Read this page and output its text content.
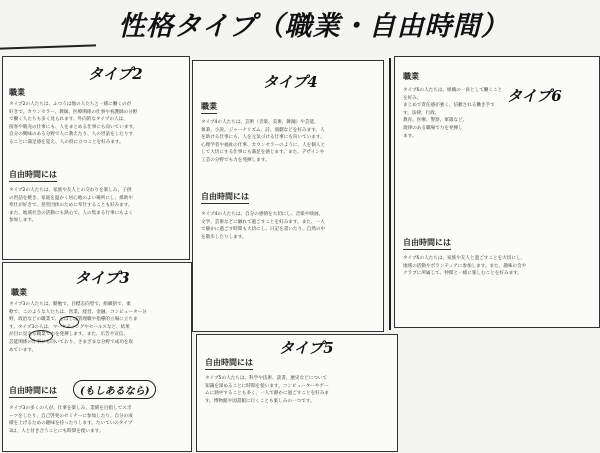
性格タイプ（職業・自由時間）
タイプ2
職業
タイプ2の人たちは、ふつうは他の人たちと一緒に働くのが
好きで、カウンセラー、教師、医療関係の仕事や看護師の分野
で働く人たちも多く見られます。外向的なタイプの人は、
接客や販売の仕事にも、人をまとめる仕事にも向いています。
自分の興味のある分野で人に教えたり、人の世話をしたりす
ることに満足感を覚え、人の役に立つことを好みます。
自由時間には
タイプ2の人たちは、家族や友人との交わりを楽しみ、子供
の世話を焼き、家庭を温かく居心地のよい場所にし、援助や
奉仕が好きで、慈善団体のために奉仕することも好みます。
また、地域社会の活動にも熱心で、人の集まる行事にもよく
参加します。
タイプ3
職業
タイプ3の人たちは、勤勉で、目標志向型で、組織的で、柔
軟で、このような人たちは、営業、経営、金融、コンピューター分
野、政治などの職業で、しばしば管理職や指導的立場に立ちま
す。タイプ3の人は、マーケティングやセールスなど、結果
が目に見える職業で力を発揮します。また、広告や宣伝、
芸能関係の仕事にも向いており、さまざまな分野で成功を収
めています。
自由時間には	(もしあるなら)
タイプ3の多くの人が、仕事を楽しみ、業績を目指してスポ
ーツをしたり、自己啓発のセミナーに参加したり、自分の成
績を上げるための趣味を持ったりします。たいていのタイプ
3は、人と付き合うことにも時間を使います。
タイプ4
職業
タイプ4の人たちは、芸術（音楽、美術、舞踊）や芸能、
執筆、小説、ジャーナリズム、詩、演劇などを好みます。人
を助ける仕事にも、人を元気づける仕事にも向いています。
心理学者や福祉の仕事、カウンセラーのように、人を個人と
して大切にする仕事にも満足を感じます。また、デザインや
工芸の分野でも力を発揮します。
自由時間には
タイプ4の人たちは、自分の感情を大切にし、音楽や映画、
文学、芸術などに触れて過ごすことを好みます。また、一人
で静かに過ごす時間も大切にし、日記を書いたり、自然の中
を散歩したりします。
タイプ5
自由時間には
タイプ5の人たちは、科学や技術、読書、歴史などについて
知識を深めることに時間を使います。コンピューターやゲー
ムに熱中することも多く、一人で静かに過ごすことを好みま
す。博物館や図書館に行くことも楽しみの一つです。
職業
タイプ6
タイプ6の人たちは、組織の一員として働くことを好み、
まじめで責任感が強く、信頼される働き手です。法律、行政、
教育、医療、警察、軍隊など、
規律のある職場で力を発揮し
ます。
自由時間には
タイプ6の人たちは、家族や友人と過ごすことを大切にし、
地域の活動やボランティアに参加します。また、趣味の会や
クラブに所属して、仲間と一緒に楽しむことを好みます。
